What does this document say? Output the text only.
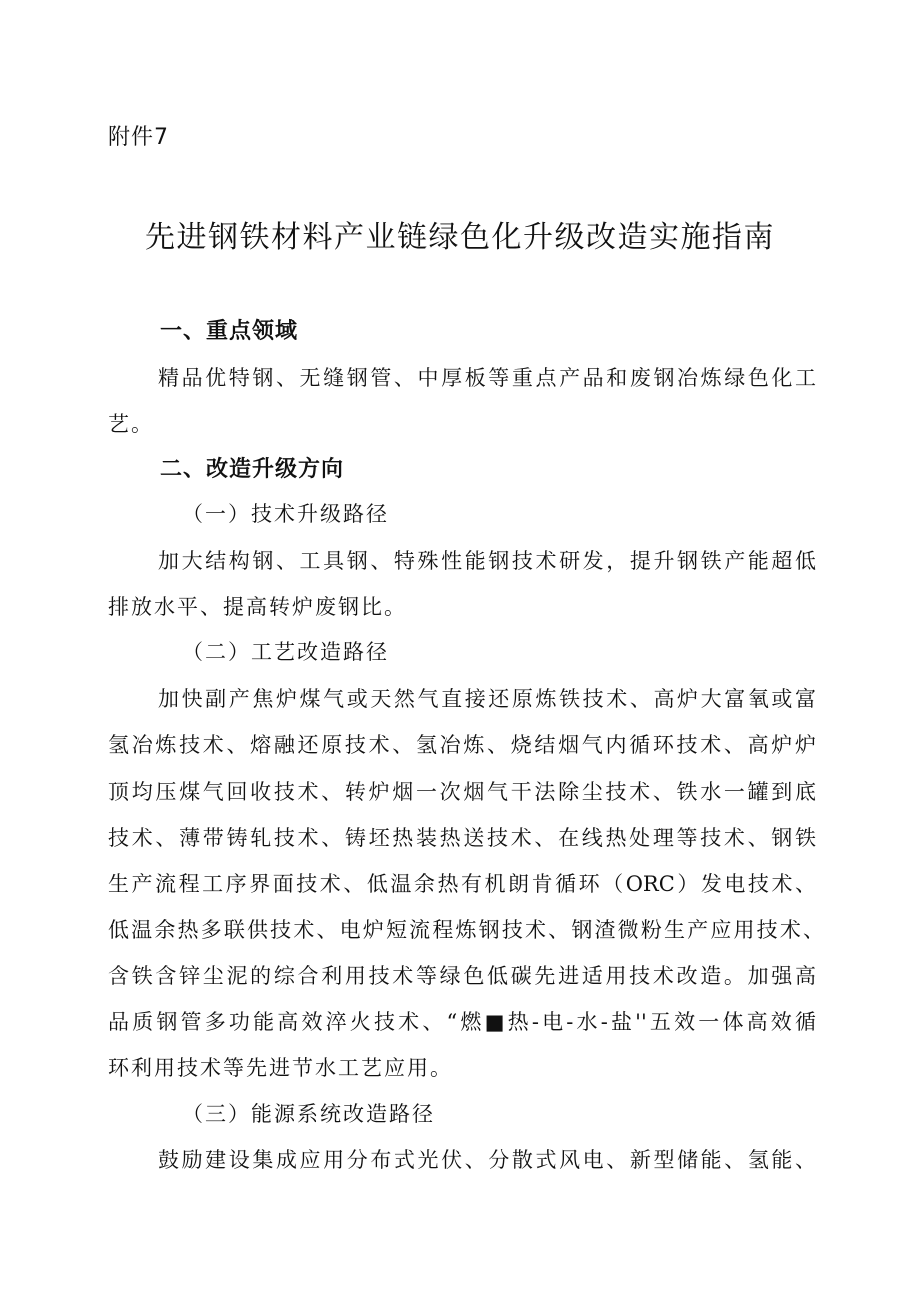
附件7
先进钢铁材料产业链绿色化升级改造实施指南
一、重点领域
精品优特钢、无缝钢管、中厚板等重点产品和废钢冶炼绿色化工
艺。
二、改造升级方向
（一）技术升级路径
加大结构钢、工具钢、特殊性能钢技术研发，提升钢铁产能超低
排放水平、提高转炉废钢比。
（二）工艺改造路径
加快副产焦炉煤气或天然气直接还原炼铁技术、高炉大富氧或富
氢冶炼技术、熔融还原技术、氢冶炼、烧结烟气内循环技术、高炉炉
顶均压煤气回收技术、转炉烟一次烟气干法除尘技术、铁水一罐到底
技术、薄带铸轧技术、铸坯热装热送技术、在线热处理等技术、钢铁
生产流程工序界面技术、低温余热有机朗肯循环（ORC）发电技术、
低温余热多联供技术、电炉短流程炼钢技术、钢渣微粉生产应用技术、
含铁含锌尘泥的综合利用技术等绿色低碳先进适用技术改造。加强高
品质钢管多功能高效淬火技术、“燃■热-电-水-盐''五效一体高效循
环利用技术等先进节水工艺应用。
（三）能源系统改造路径
鼓励建设集成应用分布式光伏、分散式风电、新型储能、氢能、
